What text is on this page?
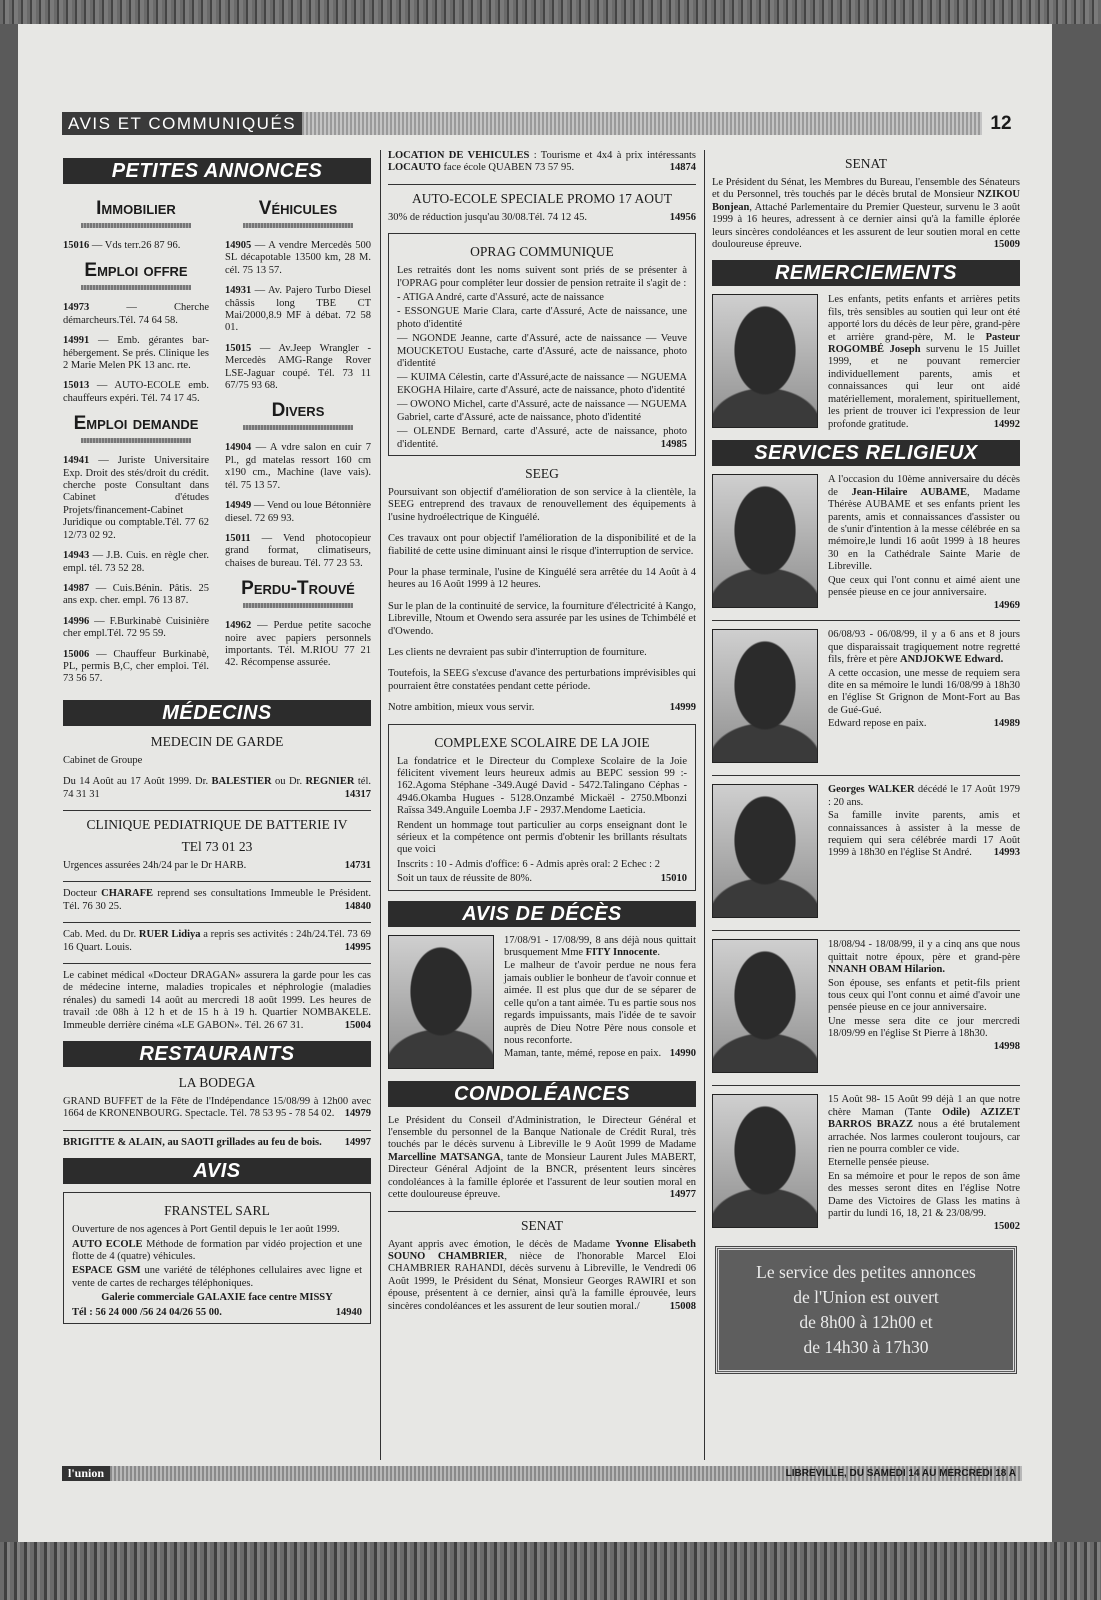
AVIS ET COMMUNIQUÉS	12
PETITES ANNONCES
Immobilier
15016 — Vds terr.26 87 96.
Emploi offre
14973 — Cherche démarcheurs.Tél. 74 64 58.
14991 — Emb. gérantes bar-hébergement. Se prés. Clinique les 2 Marie Melen PK 13 anc. rte.
15013 — AUTO-ECOLE emb. chauffeurs expéri. Tél. 74 17 45.
Emploi demande
14941 — Juriste Universitaire Exp. Droit des stés/droit du crédit. cherche poste Consultant dans Cabinet d'études Projets/financement-Cabinet Juridique ou comptable.Tél. 77 62 12/73 02 92.
14943 — J.B. Cuis. en règle cher. empl. tél. 73 52 28.
14987 — Cuis.Bénin. Pâtis. 25 ans exp. cher. empl. 76 13 87.
14996 — F.Burkinabè Cuisinière cher empl.Tél. 72 95 59.
15006 — Chauffeur Burkinabè, PL, permis B,C, cher emploi. Tél. 73 56 57.
Véhicules
14905 — A vendre Mercedès 500 SL décapotable 13500 km, 28 M. cél. 75 13 57.
14931 — Av. Pajero Turbo Diesel châssis long TBE CT Mai/2000,8.9 MF à débat. 72 58 01.
15015 — Av.Jeep Wrangler - Mercedès AMG-Range Rover LSE-Jaguar coupé. Tél. 73 11 67/75 93 68.
Divers
14904 — A vdre salon en cuir 7 Pl., gd matelas ressort 160 cm x190 cm., Machine (lave vais). tél. 75 13 57.
14949 — Vend ou loue Bétonnière diesel. 72 69 93.
15011 — Vend photocopieur grand format, climatiseurs, chaises de bureau. Tél. 77 23 53.
Perdu-Trouvé
14962 — Perdue petite sacoche noire avec papiers personnels importants. Tél. M.RIOU 77 21 42. Récompense assurée.
MÉDECINS
MEDECIN DE GARDE
Cabinet de Groupe
Du 14 Août au 17 Août 1999. Dr. BALESTIER ou Dr. REGNIER tél. 74 31 31	14317
CLINIQUE PEDIATRIQUE DE BATTERIE IV
TEl 73 01 23
Urgences assurées 24h/24 par le Dr HARB.	14731
Docteur CHARAFE reprend ses consultations Immeuble le Président. Tél. 76 30 25.	14840
Cab. Med. du Dr. RUER Lidiya a repris ses activités : 24h/24.Tél. 73 69 16 Quart. Louis.	14995
Le cabinet médical «Docteur DRAGAN» assurera la garde pour les cas de médecine interne, maladies tropicales et néphrologie (maladies rénales) du samedi 14 août au mercredi 18 août 1999. Les heures de travail :de 08h à 12 h et de 15 h à 19 h. Quartier NOMBAKELE. Immeuble derrière cinéma «LE GABON». Tél. 26 67 31.	15004
RESTAURANTS
LA BODEGA
GRAND BUFFET de la Fête de l'Indépendance 15/08/99 à 12h00 avec 1664 de KRONENBOURG. Spectacle. Tél. 78 53 95 - 78 54 02. 14979
BRIGITTE & ALAIN, au SAOTI grillades au feu de bois. 14997
AVIS
FRANSTEL SARL
Ouverture de nos agences à Port Gentil depuis le 1er août 1999.
AUTO ECOLE Méthode de formation par vidéo projection et une flotte de 4 (quatre) véhicules.
ESPACE GSM une variété de téléphones cellulaires avec ligne et vente de cartes de recharges téléphoniques.
Galerie commerciale GALAXIE face centre MISSY
Tél : 56 24 000 /56 24 04/26 55 00.	14940
LOCATION DE VEHICULES : Tourisme et 4x4 à prix intéressants LOCAUTO face école QUABEN 73 57 95.	14874
AUTO-ECOLE SPECIALE PROMO 17 AOUT
30% de réduction jusqu'au 30/08.Tél. 74 12 45.	14956
OPRAG COMMUNIQUE
Les retraités dont les noms suivent sont priés de se présenter à l'OPRAG pour compléter leur dossier de pension retraite il s'agit de :
- ATIGA André, carte d'Assuré, acte de naissance
- ESSONGUE Marie Clara, carte d'Assuré, Acte de naissance, une photo d'identité
— NGONDE Jeanne, carte d'Assuré, acte de naissance — Veuve MOUCKETOU Eustache, carte d'Assuré, acte de naissance, photo d'identité
— KUIMA Célestin, carte d'Assuré,acte de naissance — NGUEMA EKOGHA Hilaire, carte d'Assuré, acte de naissance, photo d'identité
— OWONO Michel, carte d'Assuré, acte de naissance — NGUEMA Gabriel, carte d'Assuré, acte de naissance, photo d'identité
— OLENDE Bernard, carte d'Assuré, acte de naissance, photo d'identité.	14985
SEEG
Poursuivant son objectif d'amélioration de son service à la clientèle, la SEEG entreprend des travaux de renouvellement des équipements à l'usine hydroélectrique de Kinguélé.
Ces travaux ont pour objectif l'amélioration de la disponibilité et de la fiabilité de cette usine diminuant ainsi le risque d'interruption de service.
Pour la phase terminale, l'usine de Kinguélé sera arrêtée du 14 Août à 4 heures au 16 Août 1999 à 12 heures.
Sur le plan de la continuité de service, la fourniture d'électricité à Kango, Libreville, Ntoum et Owendo sera assurée par les usines de Tchimbélé et d'Owendo.
Les clients ne devraient pas subir d'interruption de fourniture.
Toutefois, la SEEG s'excuse d'avance des perturbations imprévisibles qui pourraient être constatées pendant cette période.
Notre ambition, mieux vous servir.	14999
COMPLEXE SCOLAIRE DE LA JOIE
La fondatrice et le Directeur du Complexe Scolaire de la Joie félicitent vivement leurs heureux admis au BEPC session 99 :- 162.Agoma Stéphane -349.Augé David - 5472.Talingano Céphas - 4946.Okamba Hugues - 5128.Onzambé Mickaël - 2750.Mbonzi Raïssa 349.Anguile Loemba J.F - 2937.Mendome Laeticia.
Rendent un hommage tout particulier au corps enseignant dont le sérieux et la compétence ont permis d'obtenir les brillants résultats que voici
Inscrits : 10 - Admis d'office: 6 - Admis après oral: 2 Echec : 2
Soit un taux de réussite de 80%.	15010
AVIS DE DÉCÈS
17/08/91 - 17/08/99, 8 ans déjà nous quittait brusquement Mme FITY Innocente.
Le malheur de t'avoir perdue ne nous fera jamais oublier le bonheur de t'avoir connue et aimée. Il est plus que dur de se séparer de celle qu'on a tant aimée. Tu es partie sous nos regards impuissants, mais l'idée de te savoir auprès de Dieu Notre Père nous console et nous reconforte.
Maman, tante, mémé, repose en paix. 14990
CONDOLÉANCES
Le Président du Conseil d'Administration, le Directeur Général et l'ensemble du personnel de la Banque Nationale de Crédit Rural, très touchés par le décès survenu à Libreville le 9 Août 1999 de Madame Marcelline MATSANGA, tante de Monsieur Laurent Jules MABERT, Directeur Général Adjoint de la BNCR, présentent leurs sincères condoléances à la famille éplorée et l'assurent de leur soutien moral en cette douloureuse épreuve.	14977
SENAT
Ayant appris avec émotion, le décès de Madame Yvonne Elisabeth SOUNO CHAMBRIER, nièce de l'honorable Marcel Eloi CHAMBRIER RAHANDI, décès survenu à Libreville, le Vendredi 06 Août 1999, le Président du Sénat, Monsieur Georges RAWIRI et son épouse, présentent à ce dernier, ainsi qu'à la famille éprouvée, leurs sincères condoléances et les assurent de leur soutien moral./	15008
SENAT
Le Président du Sénat, les Membres du Bureau, l'ensemble des Sénateurs et du Personnel, très touchés par le décès brutal de Monsieur NZIKOU Bonjean, Attaché Parlementaire du Premier Questeur, survenu le 3 août 1999 à 16 heures, adressent à ce dernier ainsi qu'à la famille éplorée leurs sincères condoléances et les assurent de leur soutien moral en cette douloureuse épreuve.	15009
REMERCIEMENTS
Les enfants, petits enfants et arrières petits fils, très sensibles au soutien qui leur ont été apporté lors du décès de leur père, grand-père et arrière grand-père, M. le Pasteur ROGOMBÉ Joseph survenu le 15 Juillet 1999, et ne pouvant remercier individuellement parents, amis et connaissances qui leur ont aidé matériellement, moralement, spirituellement, les prient de trouver ici l'expression de leur profonde gratitude.	14992
SERVICES RELIGIEUX
A l'occasion du 10ème anniversaire du décès de Jean-Hilaire AUBAME, Madame Thérèse AUBAME et ses enfants prient les parents, amis et connaissances d'assister ou de s'unir d'intention à la messe célébrée en sa mémoire,le lundi 16 août 1999 à 18 heures 30 en la Cathédrale Sainte Marie de Libreville.
Que ceux qui l'ont connu et aimé aient une pensée pieuse en ce jour anniversaire.
14969
06/08/93 - 06/08/99, il y a 6 ans et 8 jours que disparaissait tragiquement notre regretté fils, frère et père ANDJOKWE Edward.
A cette occasion, une messe de requiem sera dite en sa mémoire le lundi 16/08/99 à 18h30 en l'église St Grignon de Mont-Fort au Bas de Gué-Gué.
Edward repose en paix.	14989
Georges WALKER décédé le 17 Août 1979 : 20 ans.
Sa famille invite parents, amis et connaissances à assister à la messe de requiem qui sera célébrée mardi 17 Août 1999 à 18h30 en l'église St André. 14993
18/08/94 - 18/08/99, il y a cinq ans que nous quittait notre époux, père et grand-père NNANH OBAM Hilarion.
Son épouse, ses enfants et petit-fils prient tous ceux qui l'ont connu et aimé d'avoir une pensée pieuse en ce jour anniversaire.
Une messe sera dite ce jour mercredi 18/09/99 en l'église St Pierre à 18h30.
14998
15 Août 98- 15 Août 99 déjà 1 an que notre chère Maman (Tante Odile) AZIZET BARROS BRAZZ nous a été brutalement arrachée. Nos larmes couleront toujours, car rien ne pourra combler ce vide.
Eternelle pensée pieuse.
En sa mémoire et pour le repos de son âme des messes seront dites en l'église Notre Dame des Victoires de Glass les matins à partir du lundi 16, 18, 21 & 23/08/99.
15002
Le service des petites annonces
de l'Union est ouvert
de 8h00 à 12h00 et
de 14h30 à 17h30
l'union	LIBREVILLE, DU SAMEDI 14 AU MERCREDI 18 A
